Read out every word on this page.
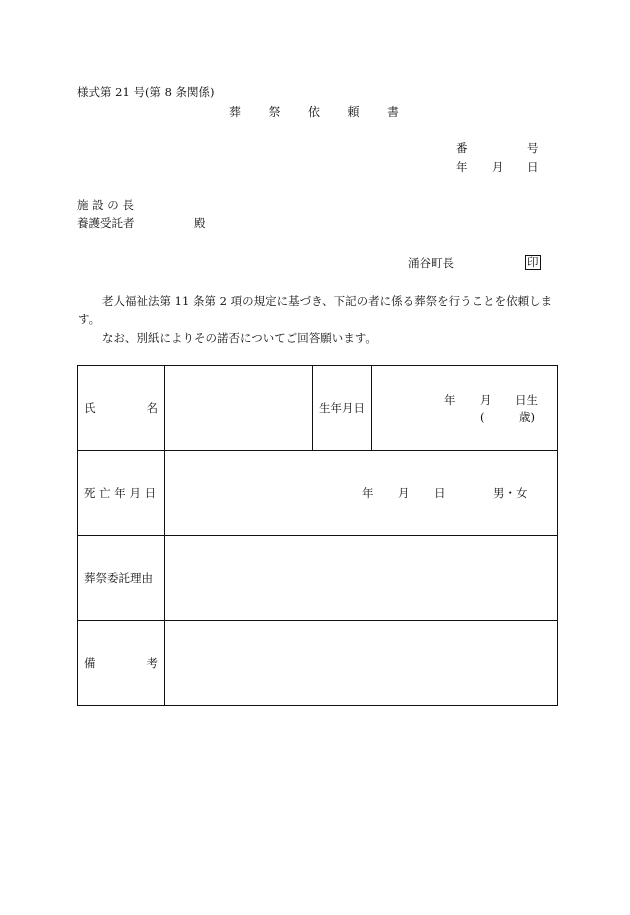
様式第 21 号(第 8 条関係)
葬 祭 依 頼 書
番	号
年 月 日
施 設 の 長
養護受託者	殿
涌谷町長	印
老人福祉法第 11 条第 2 項の規定に基づき、下記の者に係る葬祭を行うことを依頼します。
なお、別紙によりその諾否についてご回答願います。
氏 名		生年月日	年 月 日生
( 歳)

死 亡 年 月 日	年 月 日 男・女		

葬祭委託理由			

備 考			
